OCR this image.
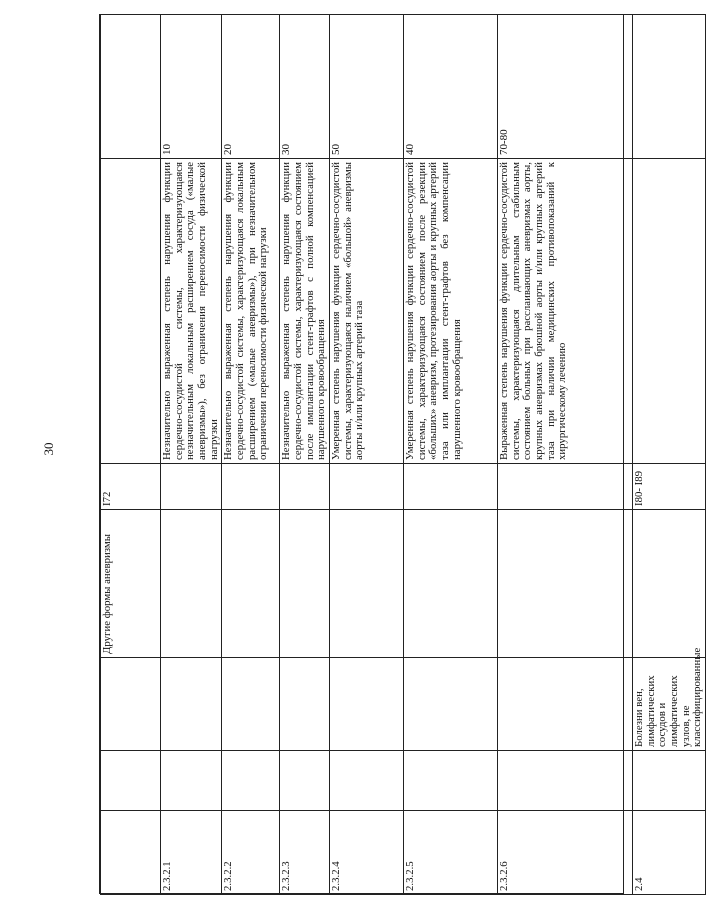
30
			Другие формы аневризмы	I72		
2.3.2.1					Незначительно выраженная степень нарушения функции сердечно-сосудистой системы, характеризующаяся незначительным локальным расширением сосуда («малые аневризмы»), без ограничения переносимости физической нагрузки	10
2.3.2.2					Незначительно выраженная степень нарушения функции сердечно-сосудистой системы, характеризующаяся локальным расширением («малые аневризмы»), при незначительном ограничении переносимости физической нагрузки	20
2.3.2.3					Незначительно выраженная степень нарушения функции сердечно-сосудистой системы, характеризующаяся состоянием после имплантации стент-графтов с полной компенсацией нарушенного кровообращения	30
2.3.2.4					Умеренная степень нарушения функции сердечно-сосудистой системы, характеризующаяся наличием «большой» аневризмы аорты и/или крупных артерий таза	50
2.3.2.5					Умеренная степень нарушения функции сердечно-сосудистой системы, характеризующаяся состоянием после резекции «больших» аневризм, протезирования аорты и крупных артерий таза или имплантации стент-графтов без компенсации нарушенного кровообращения	40
2.3.2.6					Выраженная степень нарушения функции сердечно-сосудистой системы, характеризующаяся длительным стабильным состоянием больных при расслаивающих аневризмах аорты, крупных аневризмах брюшной аорты и/или крупных артерий таза при наличии медицинских противопоказаний к хирургическому лечению	70-80
2.4		Болезни вен, лимфатических сосудов и лимфатических узлов, не классифицированные		I80- I89		
